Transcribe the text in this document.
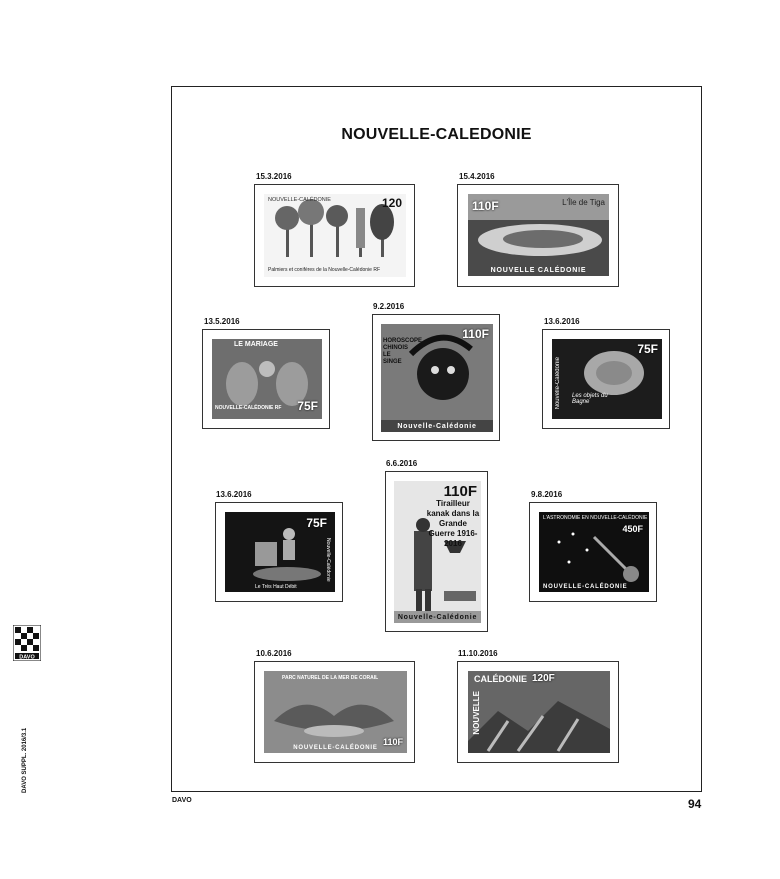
NOUVELLE-CALEDONIE
15.3.2016
120
NOUVELLE-CALÉDONIE
Palmiers et conifères de la Nouvelle-Calédonie RF
15.4.2016
110F	L'Île de Tiga
NOUVELLE CALÉDONIE
13.5.2016
LE MARIAGE
75F
NOUVELLE-CALÉDONIE RF
9.2.2016
110F
HOROSCOPE CHINOIS LE SINGE
Nouvelle-Calédonie
13.6.2016
75F
Les objets du Bagne
Nouvelle-Calédonie
13.6.2016
75F
Le Très Haut Débit
Nouvelle-Calédonie
6.6.2016
110F
Tirailleur kanak dans la Grande Guerre 1916-2016
Nouvelle-Calédonie
9.8.2016
L'ASTRONOMIE EN NOUVELLE-CALÉDONIE
450F
NOUVELLE-CALÉDONIE
10.6.2016
PARC NATUREL DE LA MER DE CORAIL
110F
NOUVELLE-CALÉDONIE
11.10.2016
CALÉDONIE 120F
NOUVELLE
DAVO
DAVO SUPPL. 2016/3.1
DAVO	94
